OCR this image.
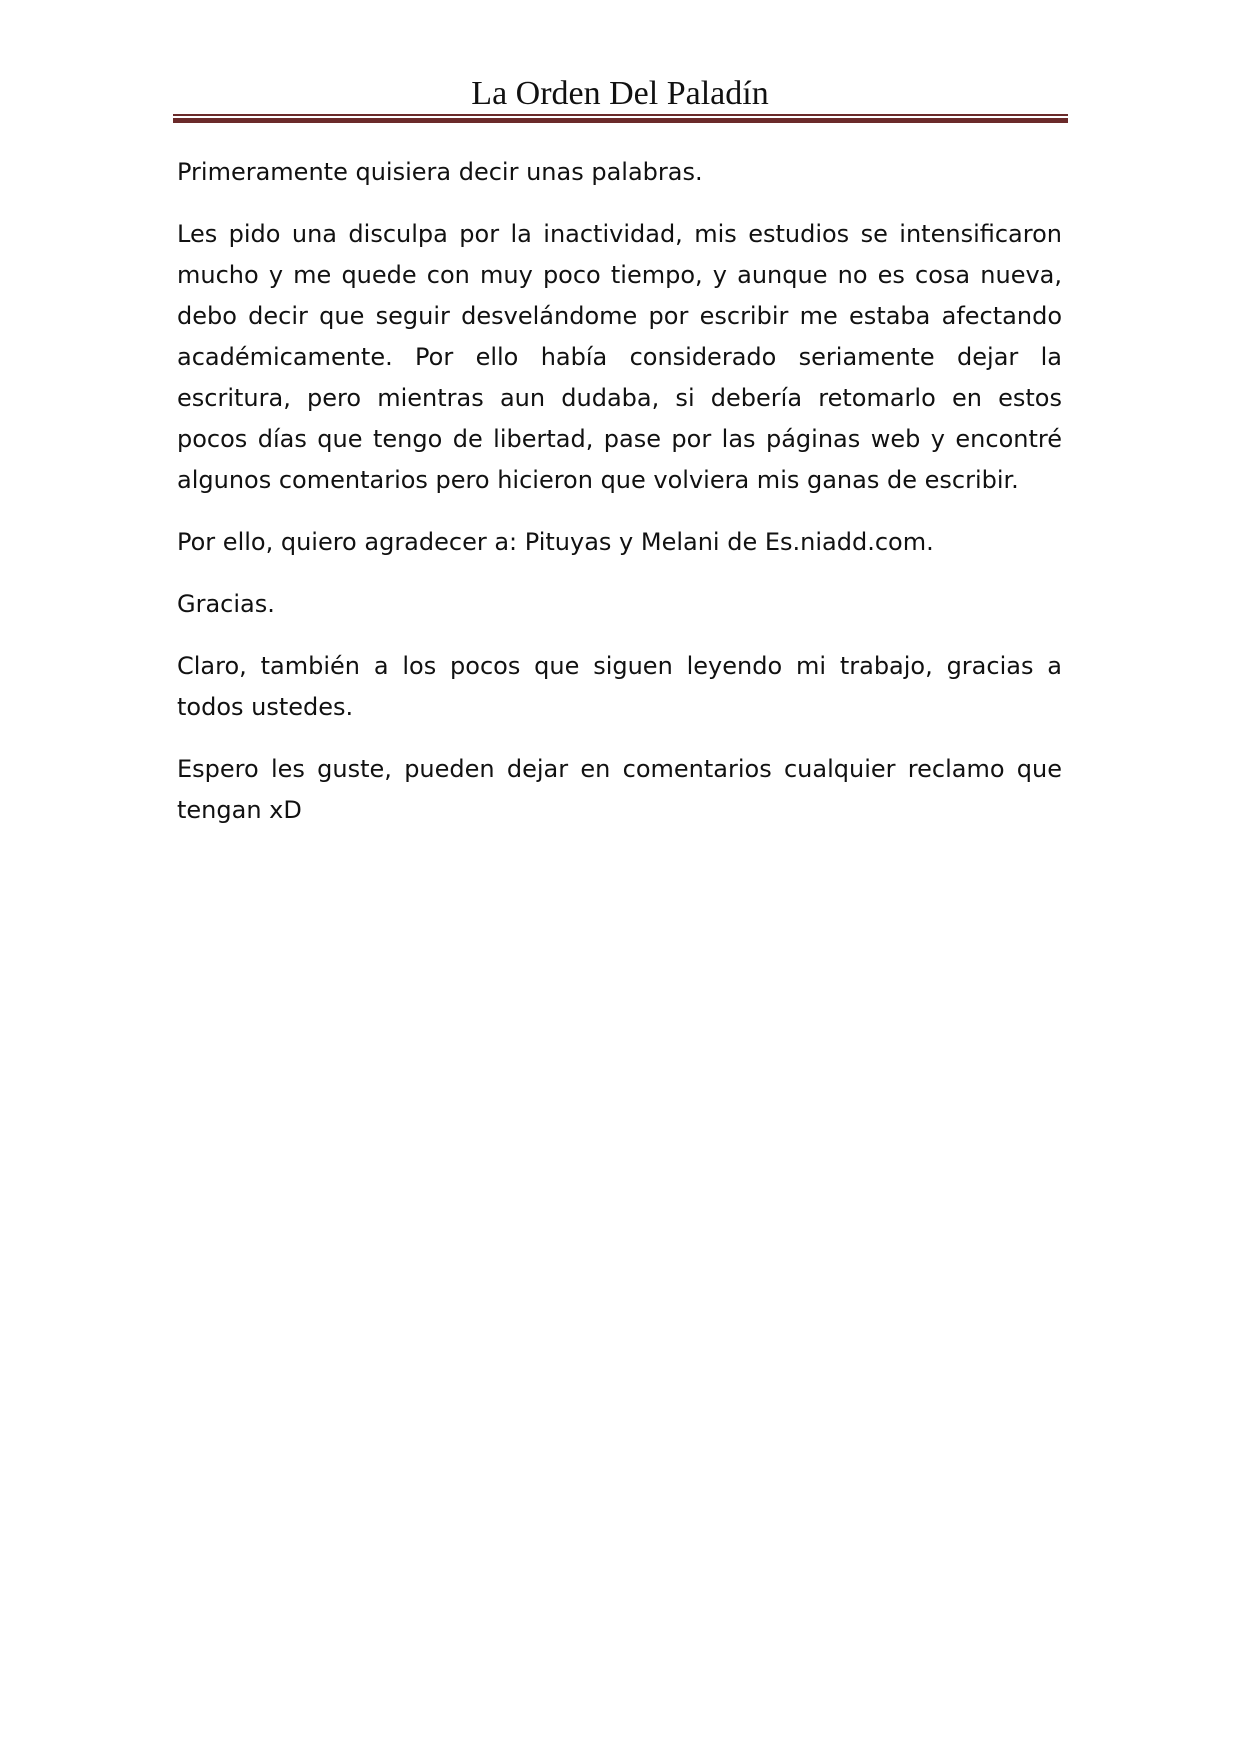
La Orden Del Paladín

Primeramente quisiera decir unas palabras.

Les pido una disculpa por la inactividad, mis estudios se intensificaron mucho y me quede con muy poco tiempo, y aunque no es cosa nueva, debo decir que seguir desvelándome por escribir me estaba afectando académicamente. Por ello había considerado seriamente dejar la escritura, pero mientras aun dudaba, si debería retomarlo en estos pocos días que tengo de libertad, pase por las páginas web y encontré algunos comentarios pero hicieron que volviera mis ganas de escribir.

Por ello, quiero agradecer a: Pituyas y Melani de Es.niadd.com.

Gracias.

Claro, también a los pocos que siguen leyendo mi trabajo, gracias a todos ustedes.

Espero les guste, pueden dejar en comentarios cualquier reclamo que tengan xD
